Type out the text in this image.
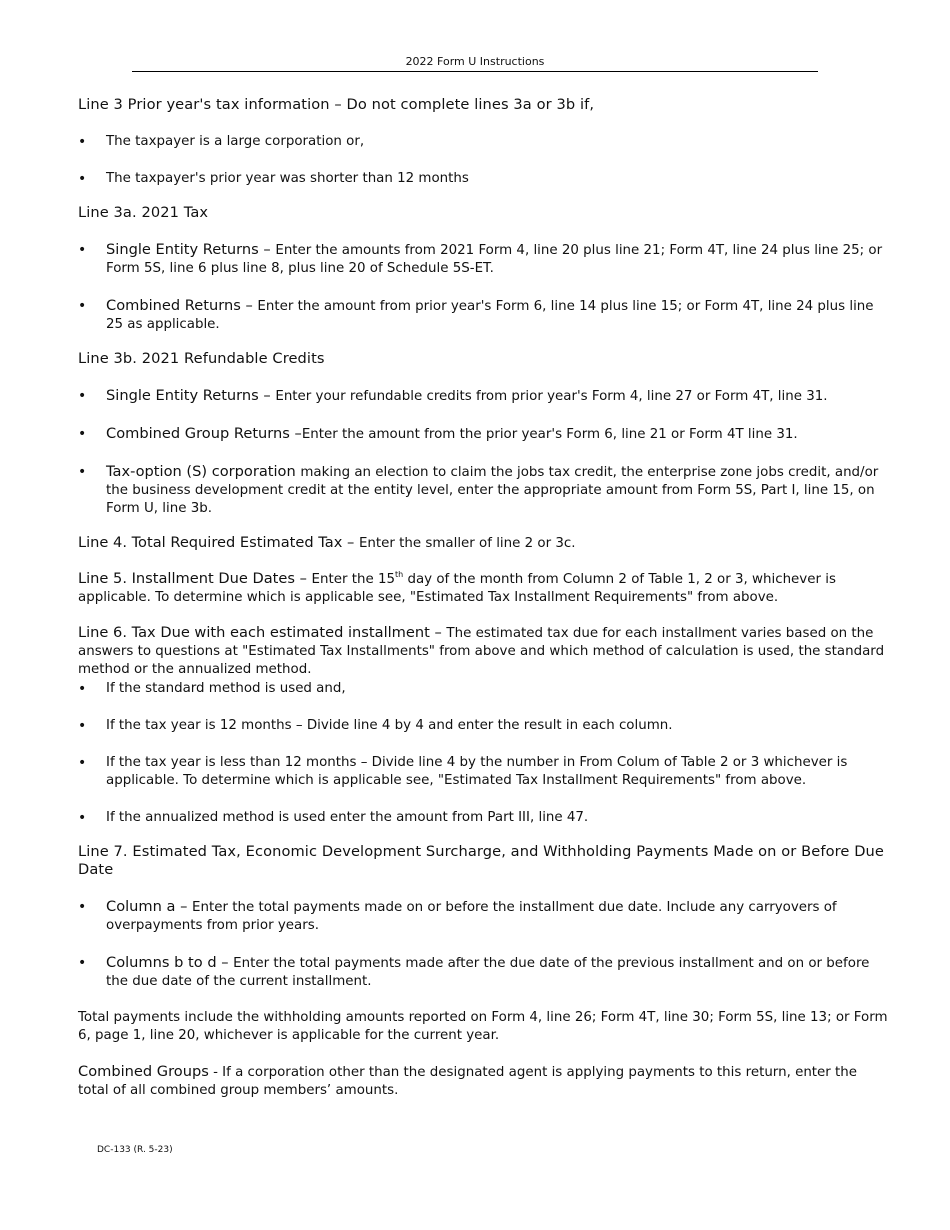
2022 Form U Instructions

Line 3 Prior year's tax information – Do not complete lines 3a or 3b if,

• The taxpayer is a large corporation or,
• The taxpayer's prior year was shorter than 12 months

Line 3a. 2021 Tax

• Single Entity Returns – Enter the amounts from 2021 Form 4, line 20 plus line 21; Form 4T, line 24 plus line 25; or Form 5S, line 6 plus line 8, plus line 20 of Schedule 5S-ET.
• Combined Returns – Enter the amount from prior year's Form 6, line 14 plus line 15; or Form 4T, line 24 plus line 25 as applicable.

Line 3b. 2021 Refundable Credits

• Single Entity Returns – Enter your refundable credits from prior year's Form 4, line 27 or Form 4T, line 31.
• Combined Group Returns –Enter the amount from the prior year's Form 6, line 21 or Form 4T line 31.
• Tax-option (S) corporation making an election to claim the jobs tax credit, the enterprise zone jobs credit, and/or the business development credit at the entity level, enter the appropriate amount from Form 5S, Part I, line 15, on Form U, line 3b.

Line 4. Total Required Estimated Tax – Enter the smaller of line 2 or 3c.

Line 5. Installment Due Dates – Enter the 15th day of the month from Column 2 of Table 1, 2 or 3, whichever is applicable. To determine which is applicable see, "Estimated Tax Installment Requirements" from above.

Line 6. Tax Due with each estimated installment – The estimated tax due for each installment varies based on the answers to questions at "Estimated Tax Installments" from above and which method of calculation is used, the standard method or the annualized method.

• If the standard method is used and,
• If the tax year is 12 months – Divide line 4 by 4 and enter the result in each column.
• If the tax year is less than 12 months – Divide line 4 by the number in From Colum of Table 2 or 3 whichever is applicable. To determine which is applicable see, "Estimated Tax Installment Requirements" from above.
• If the annualized method is used enter the amount from Part III, line 47.

Line 7. Estimated Tax, Economic Development Surcharge, and Withholding Payments Made on or Before Due Date

• Column a – Enter the total payments made on or before the installment due date. Include any carryovers of overpayments from prior years.
• Columns b to d – Enter the total payments made after the due date of the previous installment and on or before the due date of the current installment.

Total payments include the withholding amounts reported on Form 4, line 26; Form 4T, line 30; Form 5S, line 13; or Form 6, page 1, line 20, whichever is applicable for the current year.

Combined Groups - If a corporation other than the designated agent is applying payments to this return, enter the total of all combined group members’ amounts.

DC-133 (R. 5-23)
